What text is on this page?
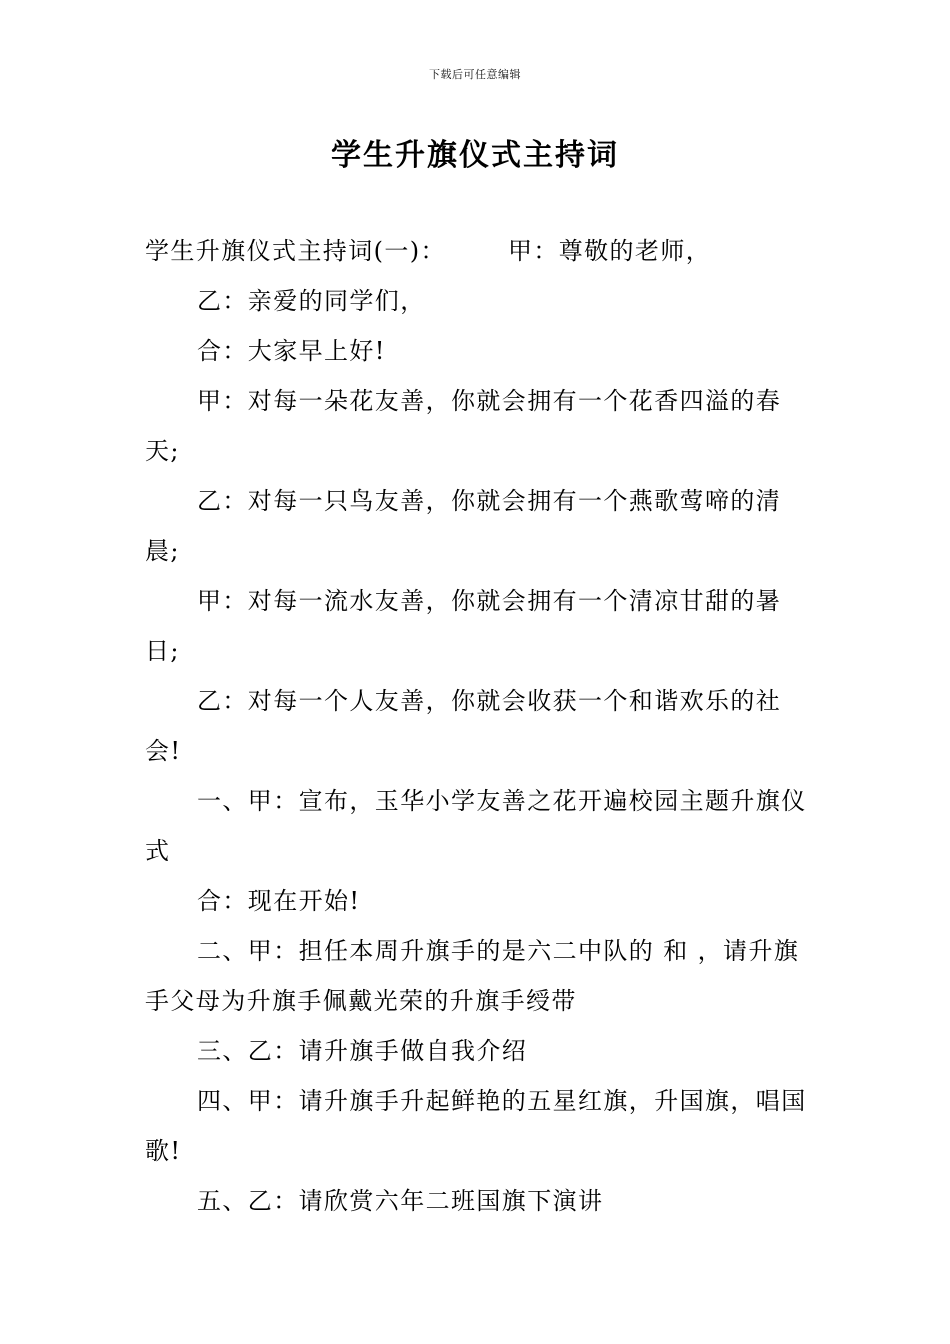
下载后可任意编辑
学生升旗仪式主持词

学生升旗仪式主持词(一)：	甲：尊敬的老师，

乙：亲爱的同学们，

合：大家早上好!

甲：对每一朵花友善，你就会拥有一个花香四溢的春天;

乙：对每一只鸟友善，你就会拥有一个燕歌莺啼的清晨;

甲：对每一流水友善，你就会拥有一个清凉甘甜的暑日;

乙：对每一个人友善，你就会收获一个和谐欢乐的社会!

一、甲：宣布，玉华小学友善之花开遍校园主题升旗仪式

合：现在开始!

二、甲：担任本周升旗手的是六二中队的 和 ，请升旗手父母为升旗手佩戴光荣的升旗手绶带

三、乙：请升旗手做自我介绍

四、甲：请升旗手升起鲜艳的五星红旗，升国旗，唱国歌!

五、乙：请欣赏六年二班国旗下演讲
